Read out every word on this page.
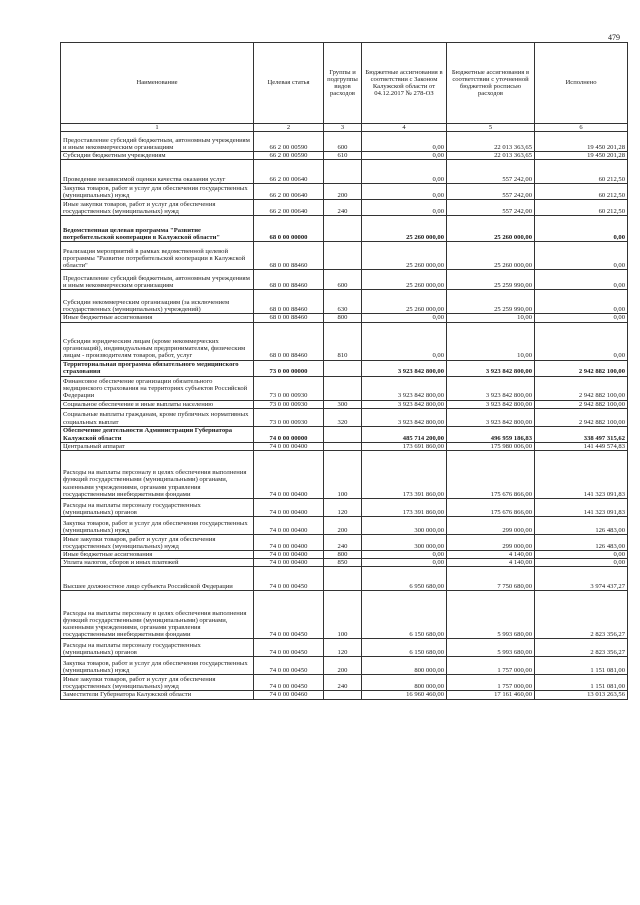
479
Наименование	Целевая статья	Группы и подгруппы видов расходов	Бюджетные ассигнования в соответствии с Законом Калужской области от 04.12.2017 № 278-ОЗ	Бюджетные ассигнования в соответствии с уточненной бюджетной росписью расходов	Исполнено
1	2	3	4	5	6
Предоставление субсидий бюджетным, автономным учреждениям и иным некоммерческим организациям	66 2 00 00590	600	0,00	22 013 363,65	19 450 201,28
Субсидии бюджетным учреждениям	66 2 00 00590	610	0,00	22 013 363,65	19 450 201,28
Проведение независимой оценки качества оказания услуг	66 2 00 00640		0,00	557 242,00	60 212,50
Закупка товаров, работ и услуг для обеспечения государственных (муниципальных) нужд	66 2 00 00640	200	0,00	557 242,00	60 212,50
Иные закупки товаров, работ и услуг для обеспечения государственных (муниципальных) нужд	66 2 00 00640	240	0,00	557 242,00	60 212,50
Ведомственная целевая программа "Развитие потребительской кооперации в Калужской области"	68 0 00 00000		25 260 000,00	25 260 000,00	0,00
Реализация мероприятий в рамках ведомственной целевой программы "Развитие потребительской кооперации в Калужской области"	68 0 00 88460		25 260 000,00	25 260 000,00	0,00
Предоставление субсидий бюджетным, автономным учреждениям и иным некоммерческим организациям	68 0 00 88460	600	25 260 000,00	25 259 990,00	0,00
Субсидии некоммерческим организациям (за исключением государственных (муниципальных) учреждений)	68 0 00 88460	630	25 260 000,00	25 259 990,00	0,00
Иные бюджетные ассигнования	68 0 00 88460	800	0,00	10,00	0,00
Субсидии юридическим лицам (кроме некоммерческих организаций), индивидуальным предпринимателям, физическим лицам - производителям товаров, работ, услуг	68 0 00 88460	810	0,00	10,00	0,00
Территориальная программа обязательного медицинского страхования	73 0 00 00000		3 923 842 800,00	3 923 842 800,00	2 942 882 100,00
Финансовое обеспечение организации обязательного медицинского страхования на территориях субъектов Российской Федерации	73 0 00 00930		3 923 842 800,00	3 923 842 800,00	2 942 882 100,00
Социальное обеспечение и иные выплаты населению	73 0 00 00930	300	3 923 842 800,00	3 923 842 800,00	2 942 882 100,00
Социальные выплаты гражданам, кроме публичных нормативных социальных выплат	73 0 00 00930	320	3 923 842 800,00	3 923 842 800,00	2 942 882 100,00
Обеспечение деятельности Администрации Губернатора Калужской области	74 0 00 00000		485 714 200,00	496 959 186,83	338 497 315,62
Центральный аппарат	74 0 00 00400		173 691 860,00	175 980 006,00	141 449 574,83
Расходы на выплаты персоналу в целях обеспечения выполнения функций государственными (муниципальными) органами, казенными учреждениями, органами управления государственными внебюджетными фондами	74 0 00 00400	100	173 391 860,00	175 676 866,00	141 323 091,83
Расходы на выплаты персоналу государственных (муниципальных) органов	74 0 00 00400	120	173 391 860,00	175 676 866,00	141 323 091,83
Закупка товаров, работ и услуг для обеспечения государственных (муниципальных) нужд	74 0 00 00400	200	300 000,00	299 000,00	126 483,00
Иные закупки товаров, работ и услуг для обеспечения государственных (муниципальных) нужд	74 0 00 00400	240	300 000,00	299 000,00	126 483,00
Иные бюджетные ассигнования	74 0 00 00400	800	0,00	4 140,00	0,00
Уплата налогов, сборов и иных платежей	74 0 00 00400	850	0,00	4 140,00	0,00
Высшее должностное лицо субъекта Российской Федерации	74 0 00 00450		6 950 680,00	7 750 680,00	3 974 437,27
Расходы на выплаты персоналу в целях обеспечения выполнения функций государственными (муниципальными) органами, казенными учреждениями, органами управления государственными внебюджетными фондами	74 0 00 00450	100	6 150 680,00	5 993 680,00	2 823 356,27
Расходы на выплаты персоналу государственных (муниципальных) органов	74 0 00 00450	120	6 150 680,00	5 993 680,00	2 823 356,27
Закупка товаров, работ и услуг для обеспечения государственных (муниципальных) нужд	74 0 00 00450	200	800 000,00	1 757 000,00	1 151 081,00
Иные закупки товаров, работ и услуг для обеспечения государственных (муниципальных) нужд	74 0 00 00450	240	800 000,00	1 757 000,00	1 151 081,00
Заместители Губернатора Калужской области	74 0 00 00460		16 960 460,00	17 161 460,00	13 013 263,56
